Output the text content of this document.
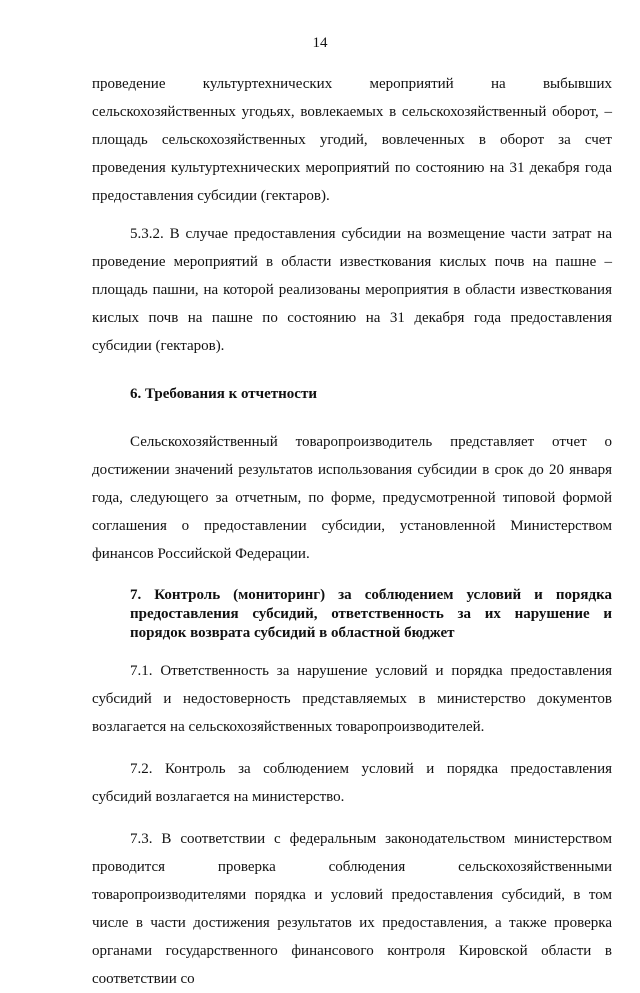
14

проведение культуртехнических мероприятий на выбывших сельскохозяйственных угодьях, вовлекаемых в сельскохозяйственный оборот, – площадь сельскохозяйственных угодий, вовлеченных в оборот за счет проведения культуртехнических мероприятий по состоянию на 31 декабря года предоставления субсидии (гектаров).

5.3.2. В случае предоставления субсидии на возмещение части затрат на проведение мероприятий в области известкования кислых почв на пашне – площадь пашни, на которой реализованы мероприятия в области известкования кислых почв на пашне по состоянию на 31 декабря года предоставления субсидии (гектаров).

6. Требования к отчетности

Сельскохозяйственный товаропроизводитель представляет отчет о достижении значений результатов использования субсидии в срок до 20 января года, следующего за отчетным, по форме, предусмотренной типовой формой соглашения о предоставлении субсидии, установленной Министерством финансов Российской Федерации.

7. Контроль (мониторинг) за соблюдением условий и порядка предоставления субсидий, ответственность за их нарушение и порядок возврата субсидий в областной бюджет

7.1. Ответственность за нарушение условий и порядка предоставления субсидий и недостоверность представляемых в министерство документов возлагается на сельскохозяйственных товаропроизводителей.

7.2. Контроль за соблюдением условий и порядка предоставления субсидий возлагается на министерство.

7.3. В соответствии с федеральным законодательством министерством проводится проверка соблюдения сельскохозяйственными товаропроизводителями порядка и условий предоставления субсидий, в том числе в части достижения результатов их предоставления, а также проверка органами государственного финансового контроля Кировской области в соответствии со
